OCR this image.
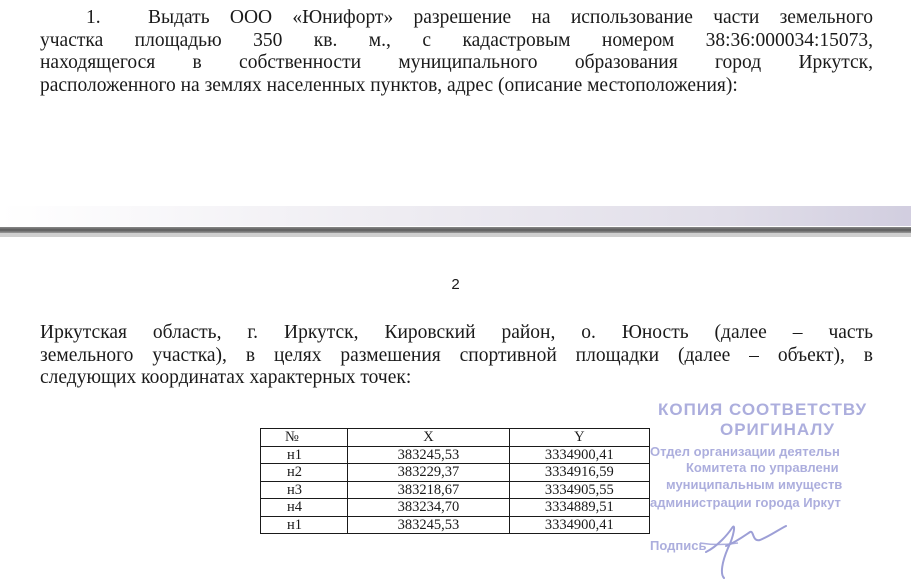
1. Выдать ООО «Юнифорт» разрешение на использование части земельного
участка площадью 350 кв. м., с кадастровым номером 38:36:000034:15073,
находящегося в собственности муниципального образования город Иркутск,
расположенного на землях населенных пунктов, адрес (описание местоположения):
2
Иркутская область, г. Иркутск, Кировский район, о. Юность (далее – часть
земельного участка), в целях размешения спортивной площадки (далее – объект), в
следующих координатах характерных точек:
№	X	Y
н1	383245,53	3334900,41
н2	383229,37	3334916,59
н3	383218,67	3334905,55
н4	383234,70	3334889,51
н1	383245,53	3334900,41
КОПИЯ СООТВЕТСТВУ
ОРИГИНАЛУ
Отдел организации деятельн
Комитета по управлени
муниципальным имуществ
администрации города Иркут
Подпись
